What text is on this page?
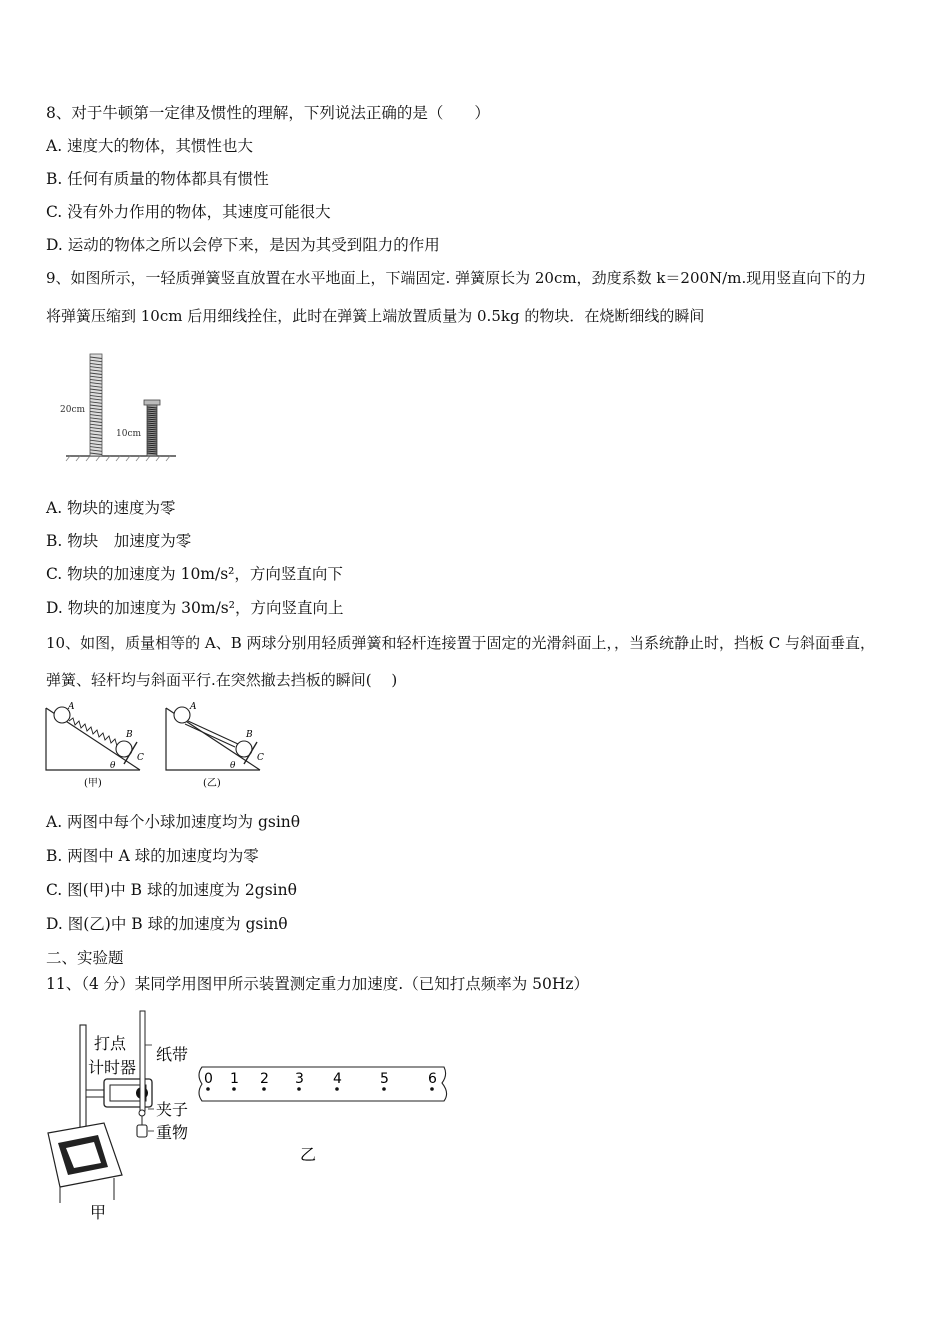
8、对于牛顿第一定律及惯性的理解，下列说法正确的是（　　）
A. 速度大的物体，其惯性也大
B. 任何有质量的物体都具有惯性
C. 没有外力作用的物体，其速度可能很大
D. 运动的物体之所以会停下来，是因为其受到阻力的作用
9、如图所示，一轻质弹簧竖直放置在水平地面上，下端固定. 弹簧原长为 20cm，劲度系数 k＝200N/m.现用竖直向下的力
将弹簧压缩到 10cm 后用细线拴住，此时在弹簧上端放置质量为 0.5kg 的物块．在烧断细线的瞬间
20cm
10cm
A. 物块的速度为零
B. 物块　加速度为零
C. 物块的加速度为 10m/s²，方向竖直向下
D. 物块的加速度为 30m/s²，方向竖直向上
10、如图，质量相等的 A、B 两球分别用轻质弹簧和轻杆连接置于固定的光滑斜面上，，当系统静止时，挡板 C 与斜面垂直，
弹簧、轻杆均与斜面平行.在突然撤去挡板的瞬间(　 )
A
B
C
θ
(甲)
A
B
C
θ
(乙)
A. 两图中每个小球加速度均为 gsinθ
B. 两图中 A 球的加速度均为零
C. 图(甲)中 B 球的加速度为 2gsinθ
D. 图(乙)中 B 球的加速度为 gsinθ
二、实验题
11、（4 分）某同学用图甲所示装置测定重力加速度.（已知打点频率为 50Hz）
打点
计时器
纸带
夹子
重物
甲
0 1 2 3 4	5	6
乙
